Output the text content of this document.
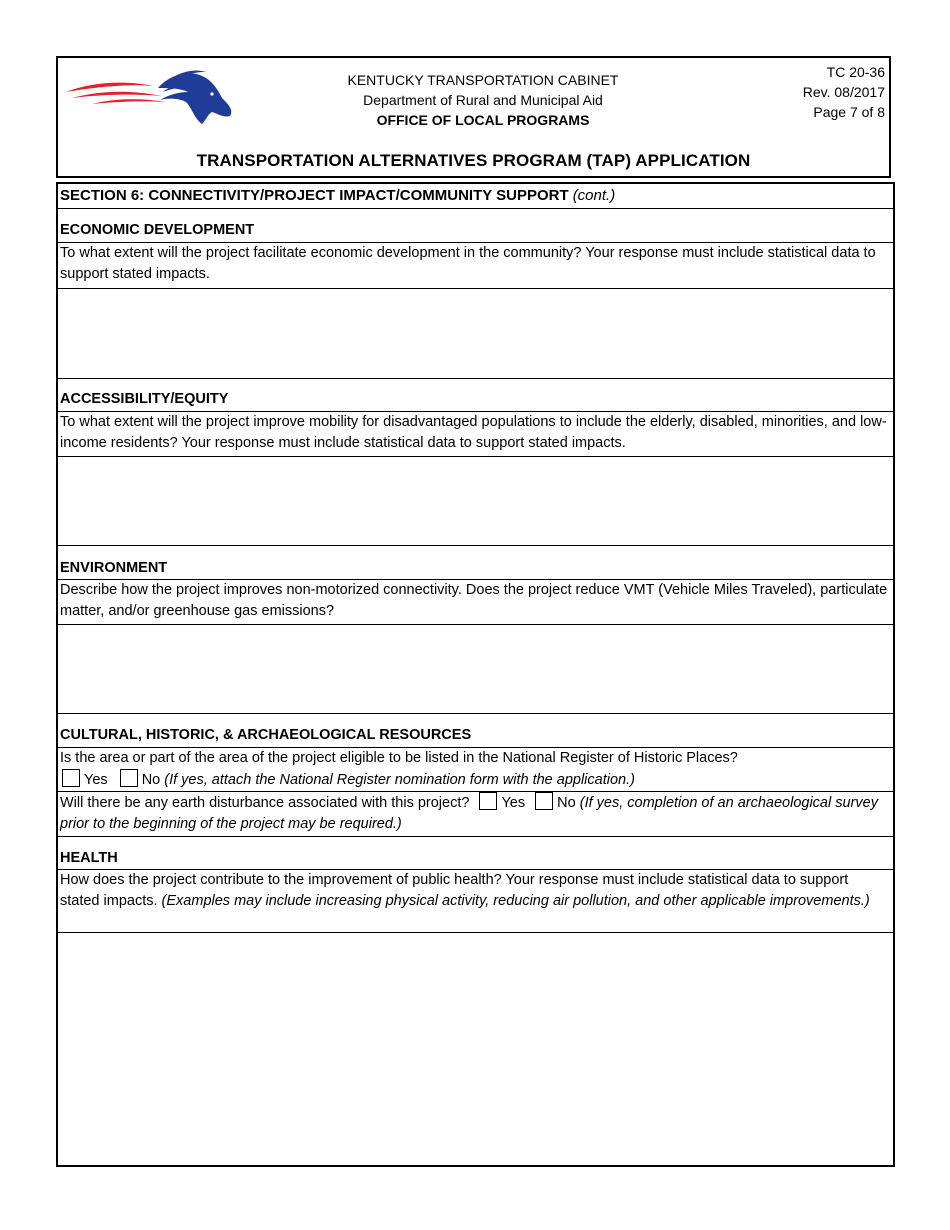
KENTUCKY TRANSPORTATION CABINET
Department of Rural and Municipal Aid
OFFICE OF LOCAL PROGRAMS
TC 20-36
Rev. 08/2017
Page 7 of 8
TRANSPORTATION ALTERNATIVES PROGRAM (TAP) APPLICATION
SECTION 6: CONNECTIVITY/PROJECT IMPACT/COMMUNITY SUPPORT (cont.)
ECONOMIC DEVELOPMENT
To what extent will the project facilitate economic development in the community? Your response must include statistical data to support stated impacts.
ACCESSIBILITY/EQUITY
To what extent will the project improve mobility for disadvantaged populations to include the elderly, disabled, minorities, and low-income residents? Your response must include statistical data to support stated impacts.
ENVIRONMENT
Describe how the project improves non-motorized connectivity. Does the project reduce VMT (Vehicle Miles Traveled), particulate matter, and/or greenhouse gas emissions?
CULTURAL, HISTORIC, & ARCHAEOLOGICAL RESOURCES
Is the area or part of the area of the project eligible to be listed in the National Register of Historic Places?
Yes No (If yes, attach the National Register nomination form with the application.)
Will there be any earth disturbance associated with this project? Yes No (If yes, completion of an archaeological survey prior to the beginning of the project may be required.)
HEALTH
How does the project contribute to the improvement of public health? Your response must include statistical data to support stated impacts. (Examples may include increasing physical activity, reducing air pollution, and other applicable improvements.)
